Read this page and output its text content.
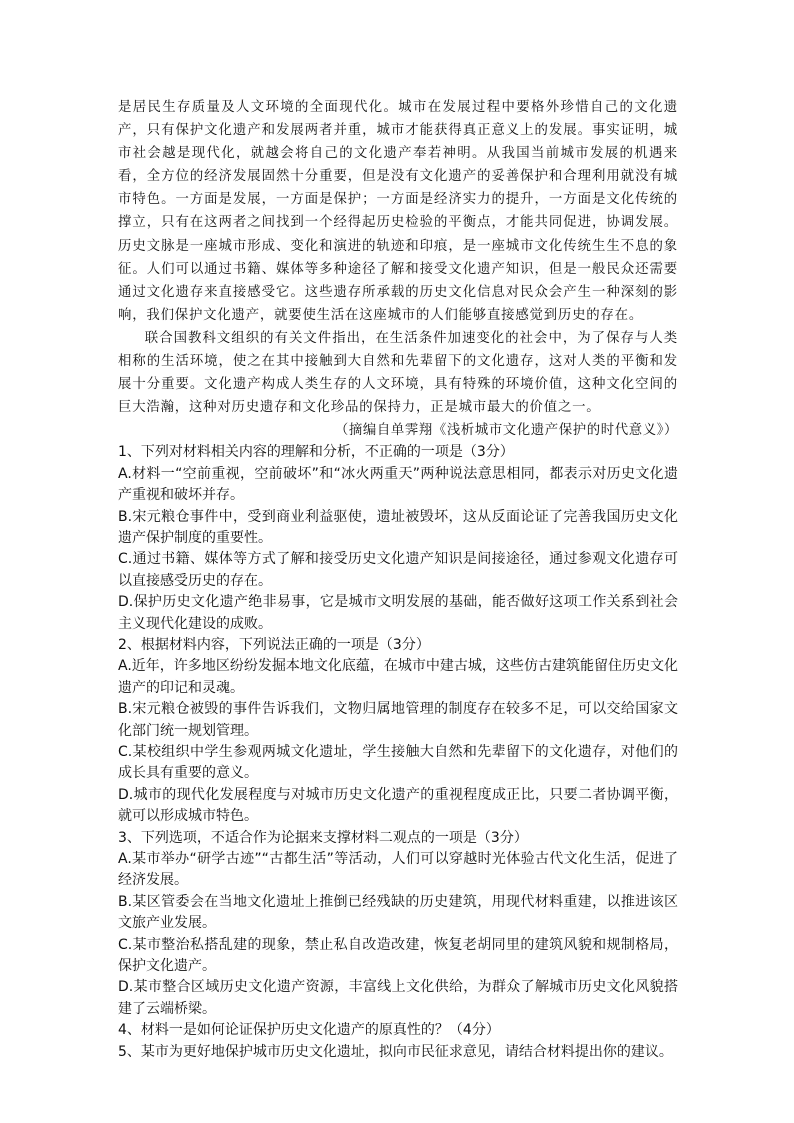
是居民生存质量及人文环境的全面现代化。城市在发展过程中要格外珍惜自己的文化遗产，只有保护文化遗产和发展两者并重，城市才能获得真正意义上的发展。事实证明，城市社会越是现代化，就越会将自己的文化遗产奉若神明。从我国当前城市发展的机遇来看，全方位的经济发展固然十分重要，但是没有文化遗产的妥善保护和合理利用就没有城市特色。一方面是发展，一方面是保护；一方面是经济实力的提升，一方面是文化传统的撑立，只有在这两者之间找到一个经得起历史检验的平衡点，才能共同促进，协调发展。历史文脉是一座城市形成、变化和演进的轨迹和印痕，是一座城市文化传统生生不息的象征。人们可以通过书籍、媒体等多种途径了解和接受文化遗产知识，但是一般民众还需要通过文化遗存来直接感受它。这些遗存所承载的历史文化信息对民众会产生一种深刻的影响，我们保护文化遗产，就要使生活在这座城市的人们能够直接感觉到历史的存在。

联合国教科文组织的有关文件指出，在生活条件加速变化的社会中，为了保存与人类相称的生活环境，使之在其中接触到大自然和先辈留下的文化遗存，这对人类的平衡和发展十分重要。文化遗产构成人类生存的人文环境，具有特殊的环境价值，这种文化空间的巨大浩瀚，这种对历史遗存和文化珍品的保持力，正是城市最大的价值之一。

（摘编自单霁翔《浅析城市文化遗产保护的时代意义》）

1、下列对材料相关内容的理解和分析，不正确的一项是（3分）

A.材料一“空前重视，空前破坏”和“冰火两重天”两种说法意思相同，都表示对历史文化遗产重视和破坏并存。

B.宋元粮仓事件中，受到商业利益驱使，遗址被毁坏，这从反面论证了完善我国历史文化遗产保护制度的重要性。

C.通过书籍、媒体等方式了解和接受历史文化遗产知识是间接途径，通过参观文化遗存可以直接感受历史的存在。

D.保护历史文化遗产绝非易事，它是城市文明发展的基础，能否做好这项工作关系到社会主义现代化建设的成败。

2、根据材料内容，下列说法正确的一项是（3分）

A.近年，许多地区纷纷发掘本地文化底蕴，在城市中建古城，这些仿古建筑能留住历史文化遗产的印记和灵魂。

B.宋元粮仓被毁的事件告诉我们，文物归属地管理的制度存在较多不足，可以交给国家文化部门统一规划管理。

C.某校组织中学生参观两城文化遗址，学生接触大自然和先辈留下的文化遗存，对他们的成长具有重要的意义。

D.城市的现代化发展程度与对城市历史文化遗产的重视程度成正比，只要二者协调平衡，就可以形成城市特色。

3、下列选项，不适合作为论据来支撑材料二观点的一项是（3分）

A.某市举办“研学古迹”“古都生活”等活动，人们可以穿越时光体验古代文化生活，促进了经济发展。

B.某区管委会在当地文化遗址上推倒已经残缺的历史建筑，用现代材料重建，以推进该区文旅产业发展。

C.某市整治私搭乱建的现象，禁止私自改造改建，恢复老胡同里的建筑风貌和规制格局，保护文化遗产。

D.某市整合区域历史文化遗产资源，丰富线上文化供给，为群众了解城市历史文化风貌搭建了云端桥梁。

4、材料一是如何论证保护历史文化遗产的原真性的？（4分）

5、某市为更好地保护城市历史文化遗址，拟向市民征求意见，请结合材料提出你的建议。
